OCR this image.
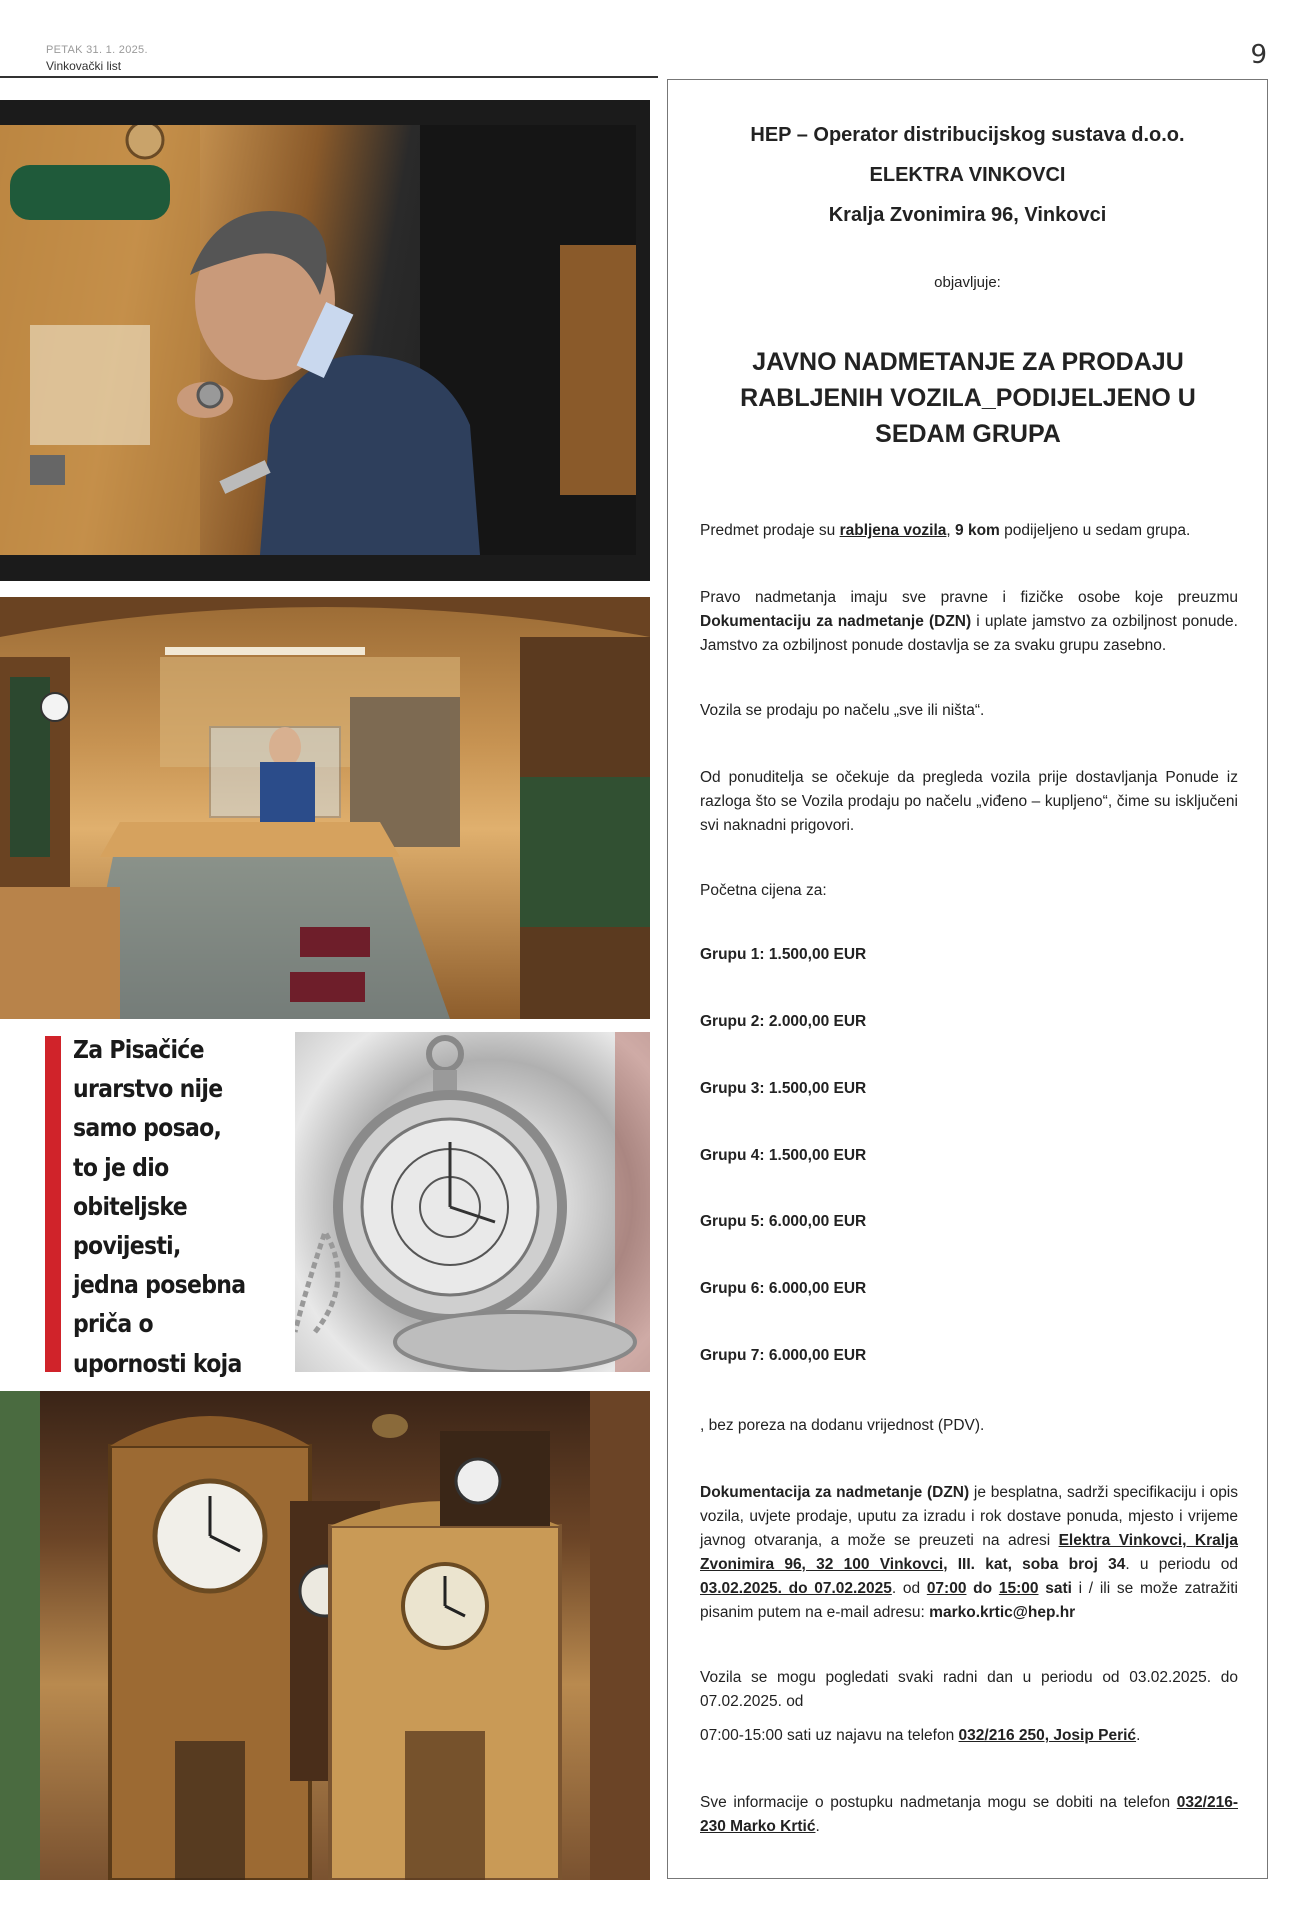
PETAK 31. 1. 2025.
Vinkovački list	9
Za Pisačiće urarstvo nije samo posao, to je dio obiteljske povijesti, jedna posebna priča o upornosti koja
HEP – Operator distribucijskog sustava d.o.o.
ELEKTRA VINKOVCI
Kralja Zvonimira 96, Vinkovci
objavljuje:
JAVNO NADMETANJE ZA PRODAJU RABLJENIH VOZILA_PODIJELJENO U SEDAM GRUPA
Predmet prodaje su rabljena vozila, 9 kom podijeljeno u sedam grupa.
Pravo nadmetanja imaju sve pravne i fizičke osobe koje preuzmu Dokumentaciju za nadmetanje (DZN) i uplate jamstvo za ozbiljnost ponude. Jamstvo za ozbiljnost ponude dostavlja se za svaku grupu zasebno.
Vozila se prodaju po načelu „sve ili ništa“.
Od ponuditelja se očekuje da pregleda vozila prije dostavljanja Ponude iz razloga što se Vozila prodaju po načelu „viđeno – kupljeno“, čime su isključeni svi naknadni prigovori.
Početna cijena za:
Grupu 1: 1.500,00 EUR
Grupu 2: 2.000,00 EUR
Grupu 3: 1.500,00 EUR
Grupu 4: 1.500,00 EUR
Grupu 5: 6.000,00 EUR
Grupu 6: 6.000,00 EUR
Grupu 7: 6.000,00 EUR
, bez poreza na dodanu vrijednost (PDV).
Dokumentacija za nadmetanje (DZN) je besplatna, sadrži specifikaciju i opis vozila, uvjete prodaje, uputu za izradu i rok dostave ponuda, mjesto i vrijeme javnog otvaranja, a može se preuzeti na adresi Elektra Vinkovci, Kralja Zvonimira 96, 32 100 Vinkovci, III. kat, soba broj 34. u periodu od 03.02.2025. do 07.02.2025. od 07:00 do 15:00 sati i / ili se može zatražiti pisanim putem na e-mail adresu: marko.krtic@hep.hr
Vozila se mogu pogledati svaki radni dan u periodu od 03.02.2025. do 07.02.2025. od
07:00-15:00 sati uz najavu na telefon 032/216 250, Josip Perić.
Sve informacije o postupku nadmetanja mogu se dobiti na telefon 032/216-230 Marko Krtić.
